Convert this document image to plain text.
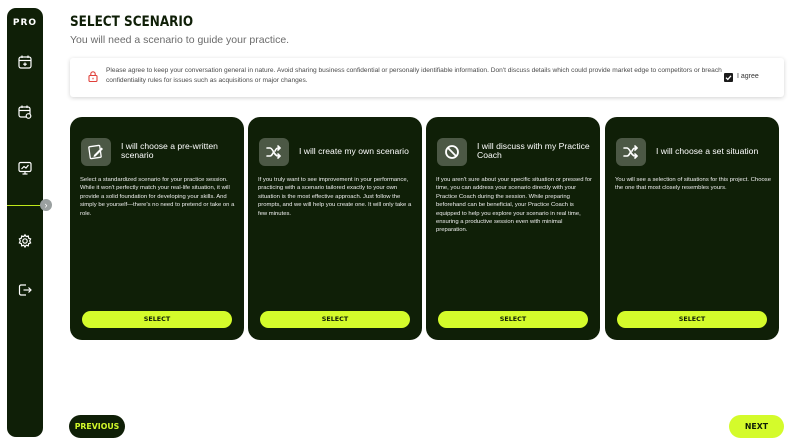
PRO
›
SELECT SCENARIO
You will need a scenario to guide your practice.
Please agree to keep your conversation general in nature. Avoid sharing business confidential or personally identifiable information. Don't discuss details which could provide market edge to competitors or breach confidentiality rules for issues such as acquisitions or major changes.
I agree
I will choose a pre-written scenario
Select a standardized scenario for your practice session. While it won't perfectly match your real-life situation, it will provide a solid foundation for developing your skills. And simply be yourself—there's no need to pretend or take on a role.
SELECT
I will create my own scenario
If you truly want to see improvement in your performance, practicing with a scenario tailored exactly to your own situation is the most effective approach. Just follow the prompts, and we will help you create one. It will only take a few minutes.
SELECT
I will discuss with my Practice Coach
If you aren't sure about your specific situation or pressed for time, you can address your scenario directly with your Practice Coach during the session. While preparing beforehand can be beneficial, your Practice Coach is equipped to help you explore your scenario in real time, ensuring a productive session even with minimal preparation.
SELECT
I will choose a set situation
You will see a selection of situations for this project. Choose the one that most closely resembles yours.
SELECT
PREVIOUS	NEXT
